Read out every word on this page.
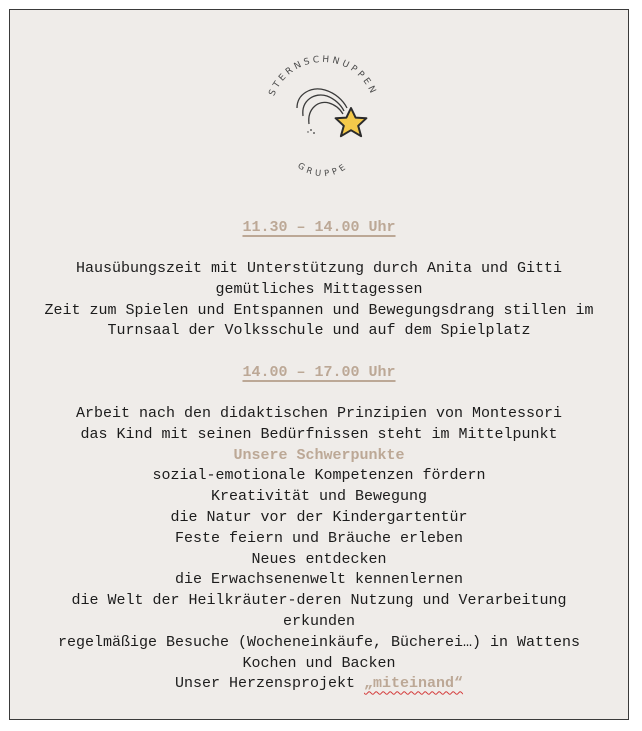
STERNSCHNUPPEN
GRUPPE
11.30 – 14.00 Uhr
Hausübungszeit mit Unterstützung durch Anita und Gitti
gemütliches Mittagessen
Zeit zum Spielen und Entspannen und Bewegungsdrang stillen im
Turnsaal der Volksschule und auf dem Spielplatz
14.00 – 17.00 Uhr
Arbeit nach den didaktischen Prinzipien von Montessori
das Kind mit seinen Bedürfnissen steht im Mittelpunkt
Unsere Schwerpunkte
sozial-emotionale Kompetenzen fördern
Kreativität und Bewegung
die Natur vor der Kindergartentür
Feste feiern und Bräuche erleben
Neues entdecken
die Erwachsenenwelt kennenlernen
die Welt der Heilkräuter-deren Nutzung und Verarbeitung
erkunden
regelmäßige Besuche (Wocheneinkäufe, Bücherei…) in Wattens
Kochen und Backen
Unser Herzensprojekt „miteinand“
